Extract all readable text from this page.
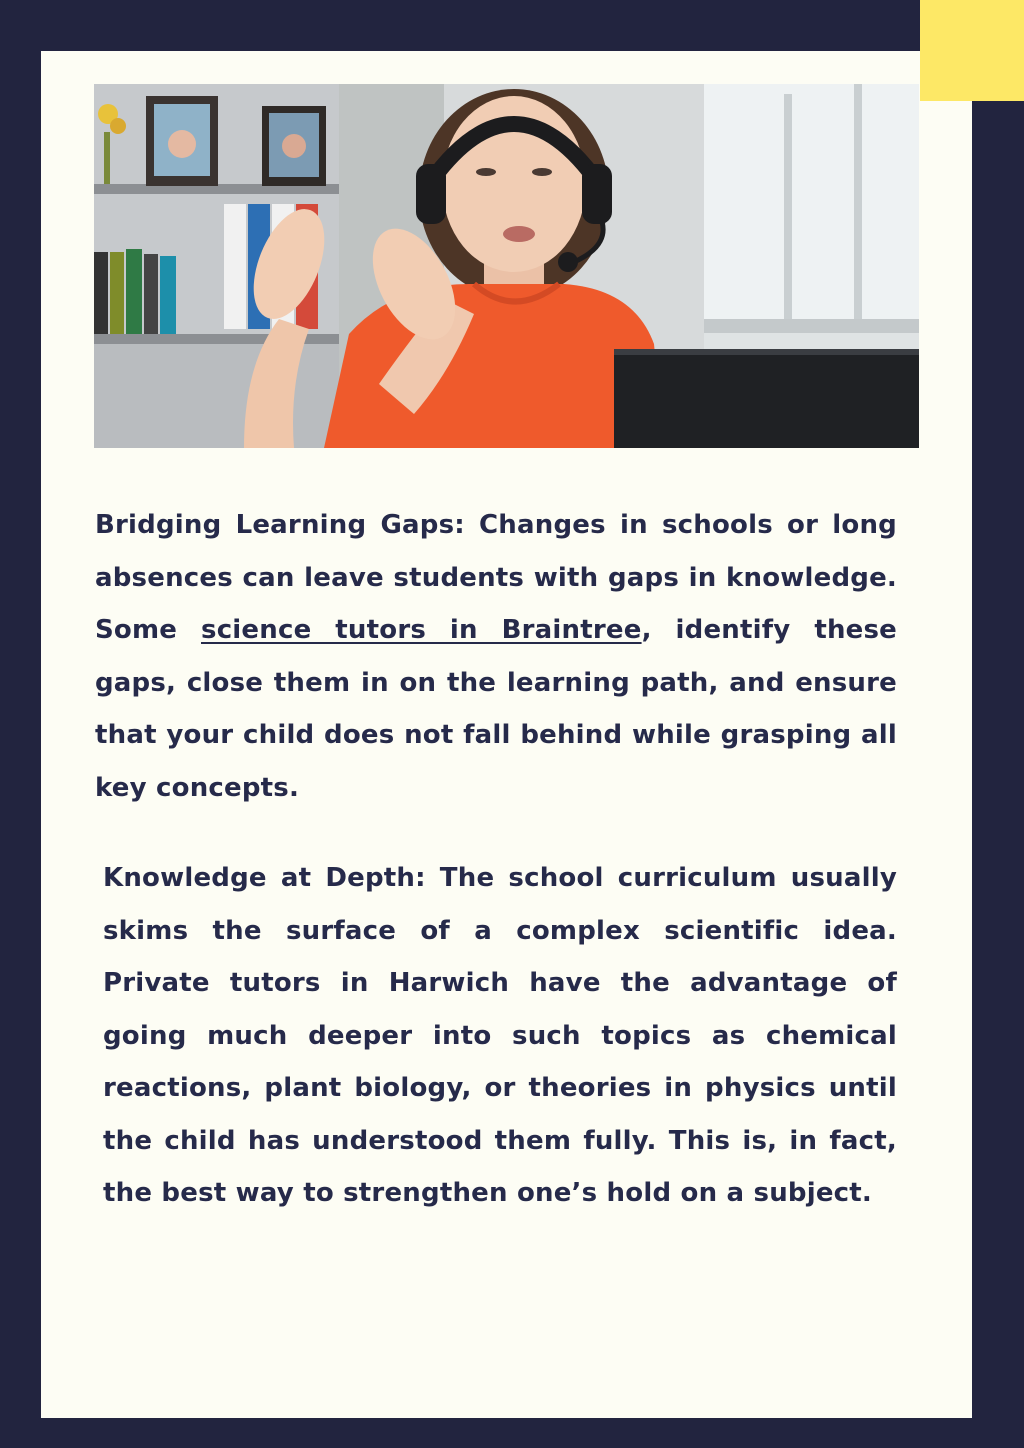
Bridging Learning Gaps: Changes in schools or long absences can leave students with gaps in knowledge. Some science tutors in Braintree, identify these gaps, close them in on the learning path, and ensure that your child does not fall behind while grasping all key concepts.

Knowledge at Depth: The school curriculum usually skims the surface of a complex scientific idea. Private tutors in Harwich have the advantage of going much deeper into such topics as chemical reactions, plant biology, or theories in physics until the child has understood them fully. This is, in fact, the best way to strengthen one’s hold on a subject.
